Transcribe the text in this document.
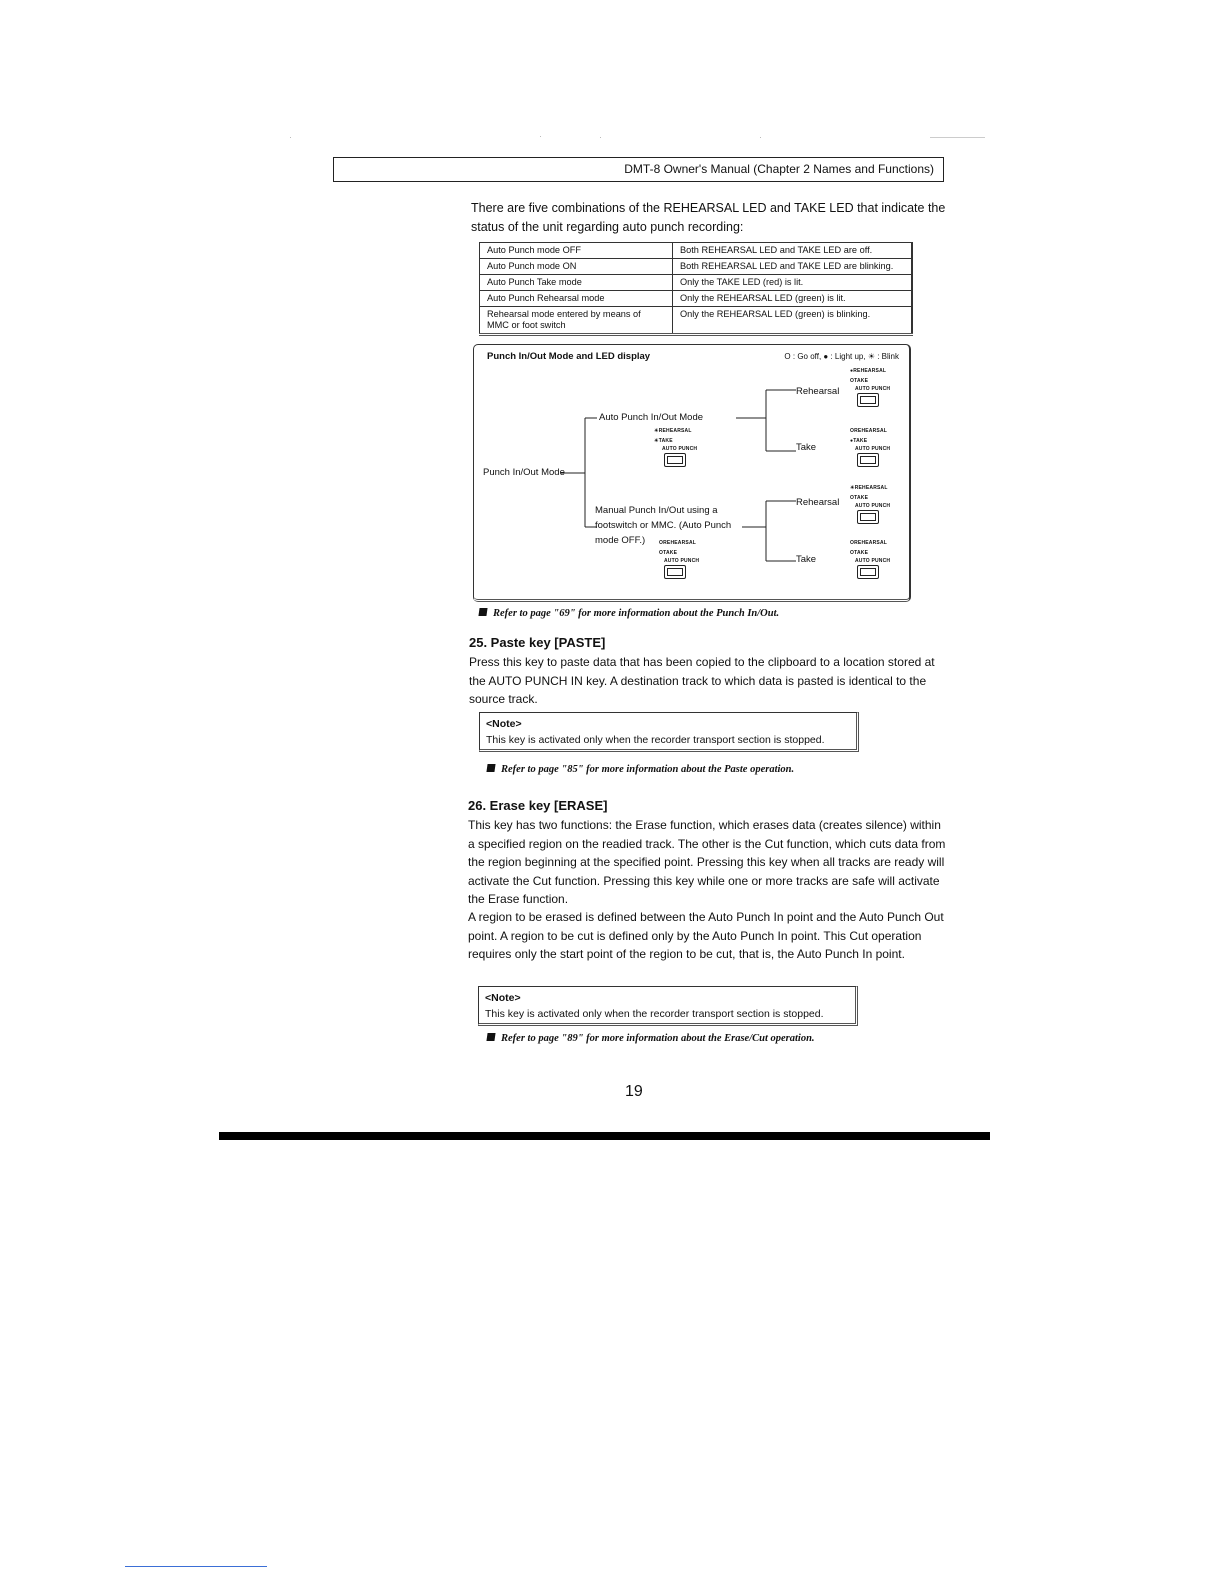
DMT-8 Owner's Manual (Chapter 2 Names and Functions)
There are five combinations of the REHEARSAL LED and TAKE LED that indicate the status of the unit regarding auto punch recording:
Auto Punch mode OFF	Both REHEARSAL LED and TAKE LED are off.
Auto Punch mode ON	Both REHEARSAL LED and TAKE LED are blinking.
Auto Punch Take mode	Only the TAKE LED (red) is lit.
Auto Punch Rehearsal mode	Only the REHEARSAL LED (green) is lit.
Rehearsal mode entered by means of MMC or foot switch	Only the REHEARSAL LED (green) is blinking.
Punch In/Out Mode and LED display	O : Go off, ● : Light up, ☀ : Blink
Punch In/Out Mode
Auto Punch In/Out Mode
Manual Punch In/Out using a
footswitch or MMC. (Auto Punch
mode OFF.)
Rehearsal
Take
Rehearsal
Take
☀REHEARSAL
☀TAKE
AUTO PUNCH
OREHEARSAL
OTAKE
AUTO PUNCH
●REHEARSAL
OTAKE
AUTO PUNCH
OREHEARSAL
●TAKE
AUTO PUNCH
☀REHEARSAL
OTAKE
AUTO PUNCH
OREHEARSAL
OTAKE
AUTO PUNCH
Refer to page "69" for more information about the Punch In/Out.
25. Paste key [PASTE]
Press this key to paste data that has been copied to the clipboard to a location stored at the AUTO PUNCH IN key. A destination track to which data is pasted is identical to the source track.
<Note>
This key is activated only when the recorder transport section is stopped.
Refer to page "85" for more information about the Paste operation.
26. Erase key [ERASE]
This key has two functions: the Erase function, which erases data (creates silence) within a specified region on the readied track. The other is the Cut function, which cuts data from the region beginning at the specified point. Pressing this key when all tracks are ready will activate the Cut function. Pressing this key while one or more tracks are safe will activate the Erase function.
A region to be erased is defined between the Auto Punch In point and the Auto Punch Out point. A region to be cut is defined only by the Auto Punch In point. This Cut operation requires only the start point of the region to be cut, that is, the Auto Punch In point.
<Note>
This key is activated only when the recorder transport section is stopped.
Refer to page "89" for more information about the Erase/Cut operation.
19
